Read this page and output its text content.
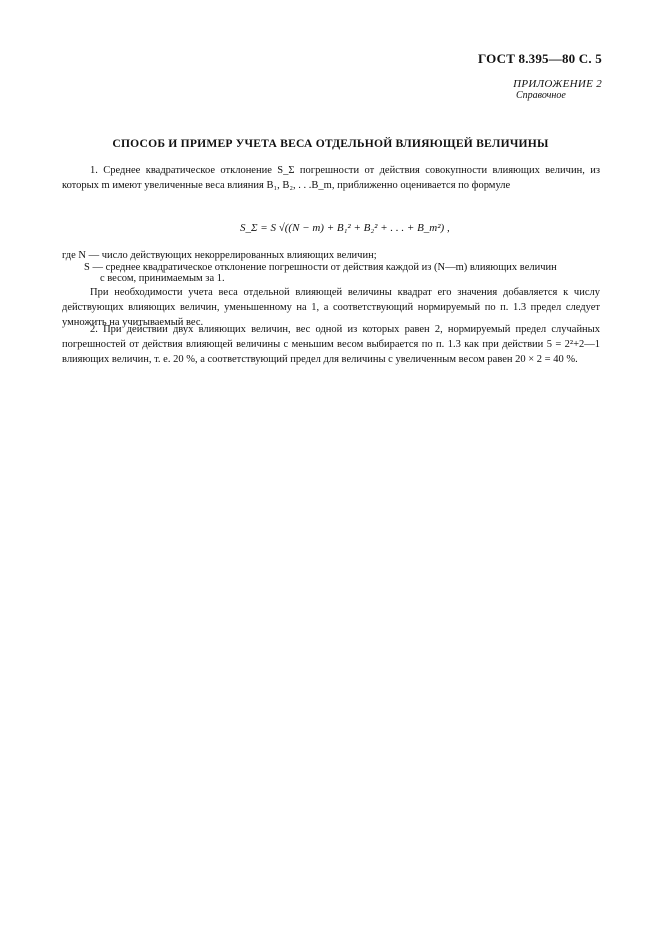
ГОСТ 8.395—80 С. 5
ПРИЛОЖЕНИЕ 2
Справочное
СПОСОБ И ПРИМЕР УЧЕТА ВЕСА ОТДЕЛЬНОЙ ВЛИЯЮЩЕЙ ВЕЛИЧИНЫ
1. Среднее квадратическое отклонение S_Σ погрешности от действия совокупности влияющих величин, из которых m имеют увеличенные веса влияния B₁, B₂, . . .B_m, приближенно оценивается по формуле
S_Σ = S √((N − m) + B₁² + B₂² + . . . + B_m²) ,
где N — число действующих некоррелированных влияющих величин;
S — среднее квадратическое отклонение погрешности от действия каждой из (N—m) влияющих величин
с весом, принимаемым за 1.
При необходимости учета веса отдельной влияющей величины квадрат его значения добавляется к числу действующих влияющих величин, уменьшенному на 1, а соответствующий нормируемый по п. 1.3 предел следует умножить на учитываемый вес.
2. При действии двух влияющих величин, вес одной из которых равен 2, нормируемый предел случайных погрешностей от действия влияющей величины с меньшим весом выбирается по п. 1.3 как при действии 5 = 2²+2—1 влияющих величин, т. е. 20 %, а соответствующий предел для величины с увеличенным весом равен 20 × 2 = 40 %.
